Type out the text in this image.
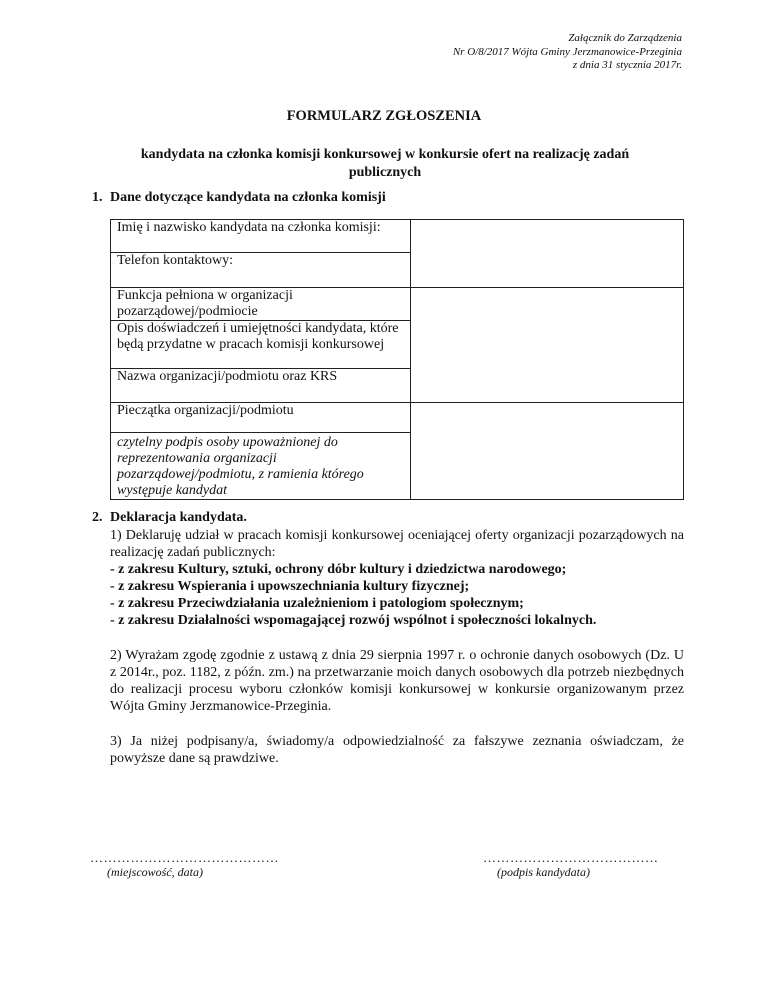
Załącznik do Zarządzenia
Nr O/8/2017 Wójta Gminy Jerzmanowice-Przeginia
z dnia 31 stycznia 2017r.
FORMULARZ ZGŁOSZENIA
kandydata na członka komisji konkursowej w konkursie ofert na realizację zadań publicznych
1. Dane dotyczące kandydata na członka komisji
Imię i nazwisko kandydata na członka komisji:	
Telefon kontaktowy:	
Funkcja pełniona w organizacji pozarządowej/podmiocie	
Opis doświadczeń i umiejętności kandydata, które będą przydatne w pracach komisji konkursowej	
Nazwa organizacji/podmiotu oraz KRS	
Pieczątka organizacji/podmiotu	
czytelny podpis osoby upoważnionej do reprezentowania organizacji pozarządowej/podmiotu, z ramienia którego występuje kandydat	
2. Deklaracja kandydata.

1) Deklaruję udział w pracach komisji konkursowej oceniającej oferty organizacji pozarządowych na realizację zadań publicznych:

- z zakresu Kultury, sztuki, ochrony dóbr kultury i dziedzictwa narodowego;
- z zakresu Wspierania i upowszechniania kultury fizycznej;
- z zakresu Przeciwdziałania uzależnieniom i patologiom społecznym;
- z zakresu Działalności wspomagającej rozwój wspólnot i społeczności lokalnych.

2) Wyrażam zgodę zgodnie z ustawą z dnia 29 sierpnia 1997 r. o ochronie danych osobowych (Dz. U z 2014r., poz. 1182, z późn. zm.) na przetwarzanie moich danych osobowych dla potrzeb niezbędnych do realizacji procesu wyboru członków komisji konkursowej w konkursie organizowanym przez Wójta Gminy Jerzmanowice-Przeginia.

3) Ja niżej podpisany/a, świadomy/a odpowiedzialność za fałszywe zeznania oświadczam, że powyższe dane są prawdziwe.

……………………………………
(miejscowość, data)
…………………………………
(podpis kandydata)
